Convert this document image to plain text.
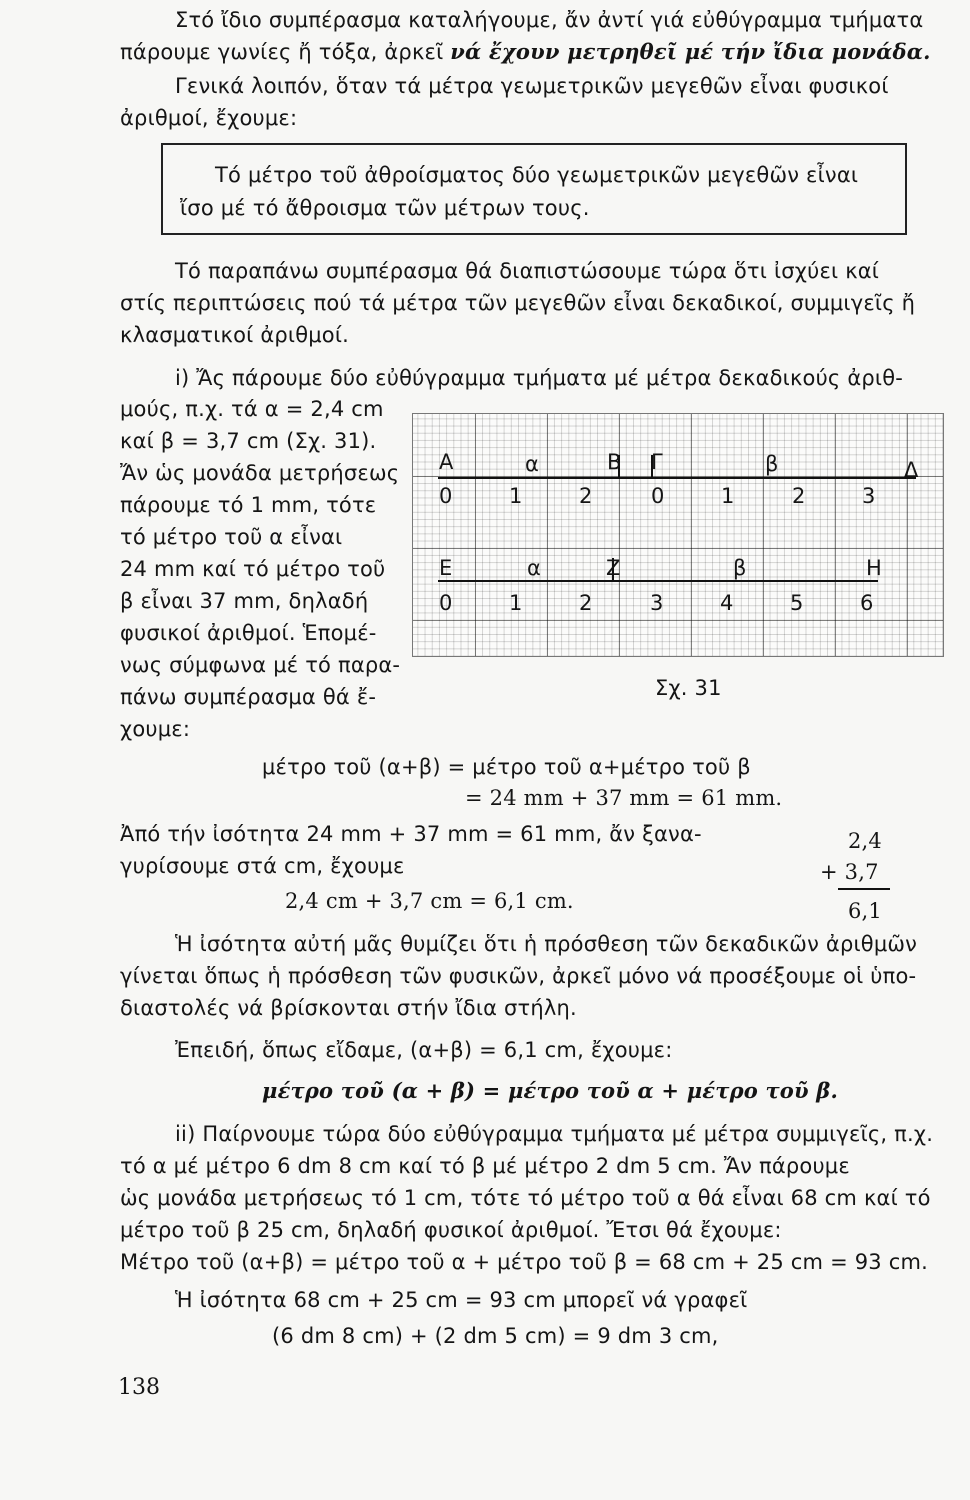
Στό ἴδιο συμπέρασμα καταλήγουμε, ἄν ἀντί γιά εὐθύγραμμα τμήματα
πάρουμε γωνίες ἤ τόξα, ἀρκεῖ νά ἔχουν μετρηθεῖ μέ τήν ἴδια μονάδα.
Γενικά λοιπόν, ὅταν τά μέτρα γεωμετρικῶν μεγεθῶν εἶναι φυσικοί
ἀριθμοί, ἔχουμε:
Τό μέτρο τοῦ ἀθροίσματος δύο γεωμετρικῶν μεγεθῶν εἶναι
ἴσο μέ τό ἄθροισμα τῶν μέτρων τους.
Τό παραπάνω συμπέρασμα θά διαπιστώσουμε τώρα ὅτι ἰσχύει καί
στίς περιπτώσεις πού τά μέτρα τῶν μεγεθῶν εἶναι δεκαδικοί, συμμιγεῖς ἤ
κλασματικοί ἀριθμοί.
i) Ἄς πάρουμε δύο εὐθύγραμμα τμήματα μέ μέτρα δεκαδικούς ἀριθ-
μούς, π.χ. τά α = 2,4 cm
καί β = 3,7 cm (Σχ. 31).
Ἄν ὡς μονάδα μετρήσεως
πάρουμε τό 1 mm, τότε
τό μέτρο τοῦ α εἶναι
24 mm καί τό μέτρο τοῦ
β εἶναι 37 mm, δηλαδή
φυσικοί ἀριθμοί. Ἑπομέ-
νως σύμφωνα μέ τό παρα-
πάνω συμπέρασμα θά ἔ-
χουμε:
Α	α	Β Γ	β	Δ
0	1	2	0	1	2	3
Ε	α	Ζ	β	Η
0	1	2	3	4	5	6
Σχ. 31
μέτρο τοῦ (α+β) = μέτρο τοῦ α+μέτρο τοῦ β
= 24 mm + 37 mm = 61 mm.
Ἀπό τήν ἰσότητα 24 mm + 37 mm = 61 mm, ἄν ξανα-
γυρίσουμε στά cm, ἔχουμε
2,4 cm + 3,7 cm = 6,1 cm.
2,4
+ 3,7
6,1
Ἡ ἰσότητα αὐτή μᾶς θυμίζει ὅτι ἡ πρόσθεση τῶν δεκαδικῶν ἀριθμῶν
γίνεται ὅπως ἡ πρόσθεση τῶν φυσικῶν, ἀρκεῖ μόνο νά προσέξουμε οἱ ὑπο-
διαστολές νά βρίσκονται στήν ἴδια στήλη.
Ἐπειδή, ὅπως εἴδαμε, (α+β) = 6,1 cm, ἔχουμε:
μέτρο τοῦ (α + β) = μέτρο τοῦ α + μέτρο τοῦ β.
ii) Παίρνουμε τώρα δύο εὐθύγραμμα τμήματα μέ μέτρα συμμιγεῖς, π.χ.
τό α μέ μέτρο 6 dm 8 cm καί τό β μέ μέτρο 2 dm 5 cm. Ἄν πάρουμε
ὡς μονάδα μετρήσεως τό 1 cm, τότε τό μέτρο τοῦ α θά εἶναι 68 cm καί τό
μέτρο τοῦ β 25 cm, δηλαδή φυσικοί ἀριθμοί. Ἔτσι θά ἔχουμε:
Μέτρο τοῦ (α+β) = μέτρο τοῦ α + μέτρο τοῦ β = 68 cm + 25 cm = 93 cm.
Ἡ ἰσότητα 68 cm + 25 cm = 93 cm μπορεῖ νά γραφεῖ
(6 dm 8 cm) + (2 dm 5 cm) = 9 dm 3 cm,
138
